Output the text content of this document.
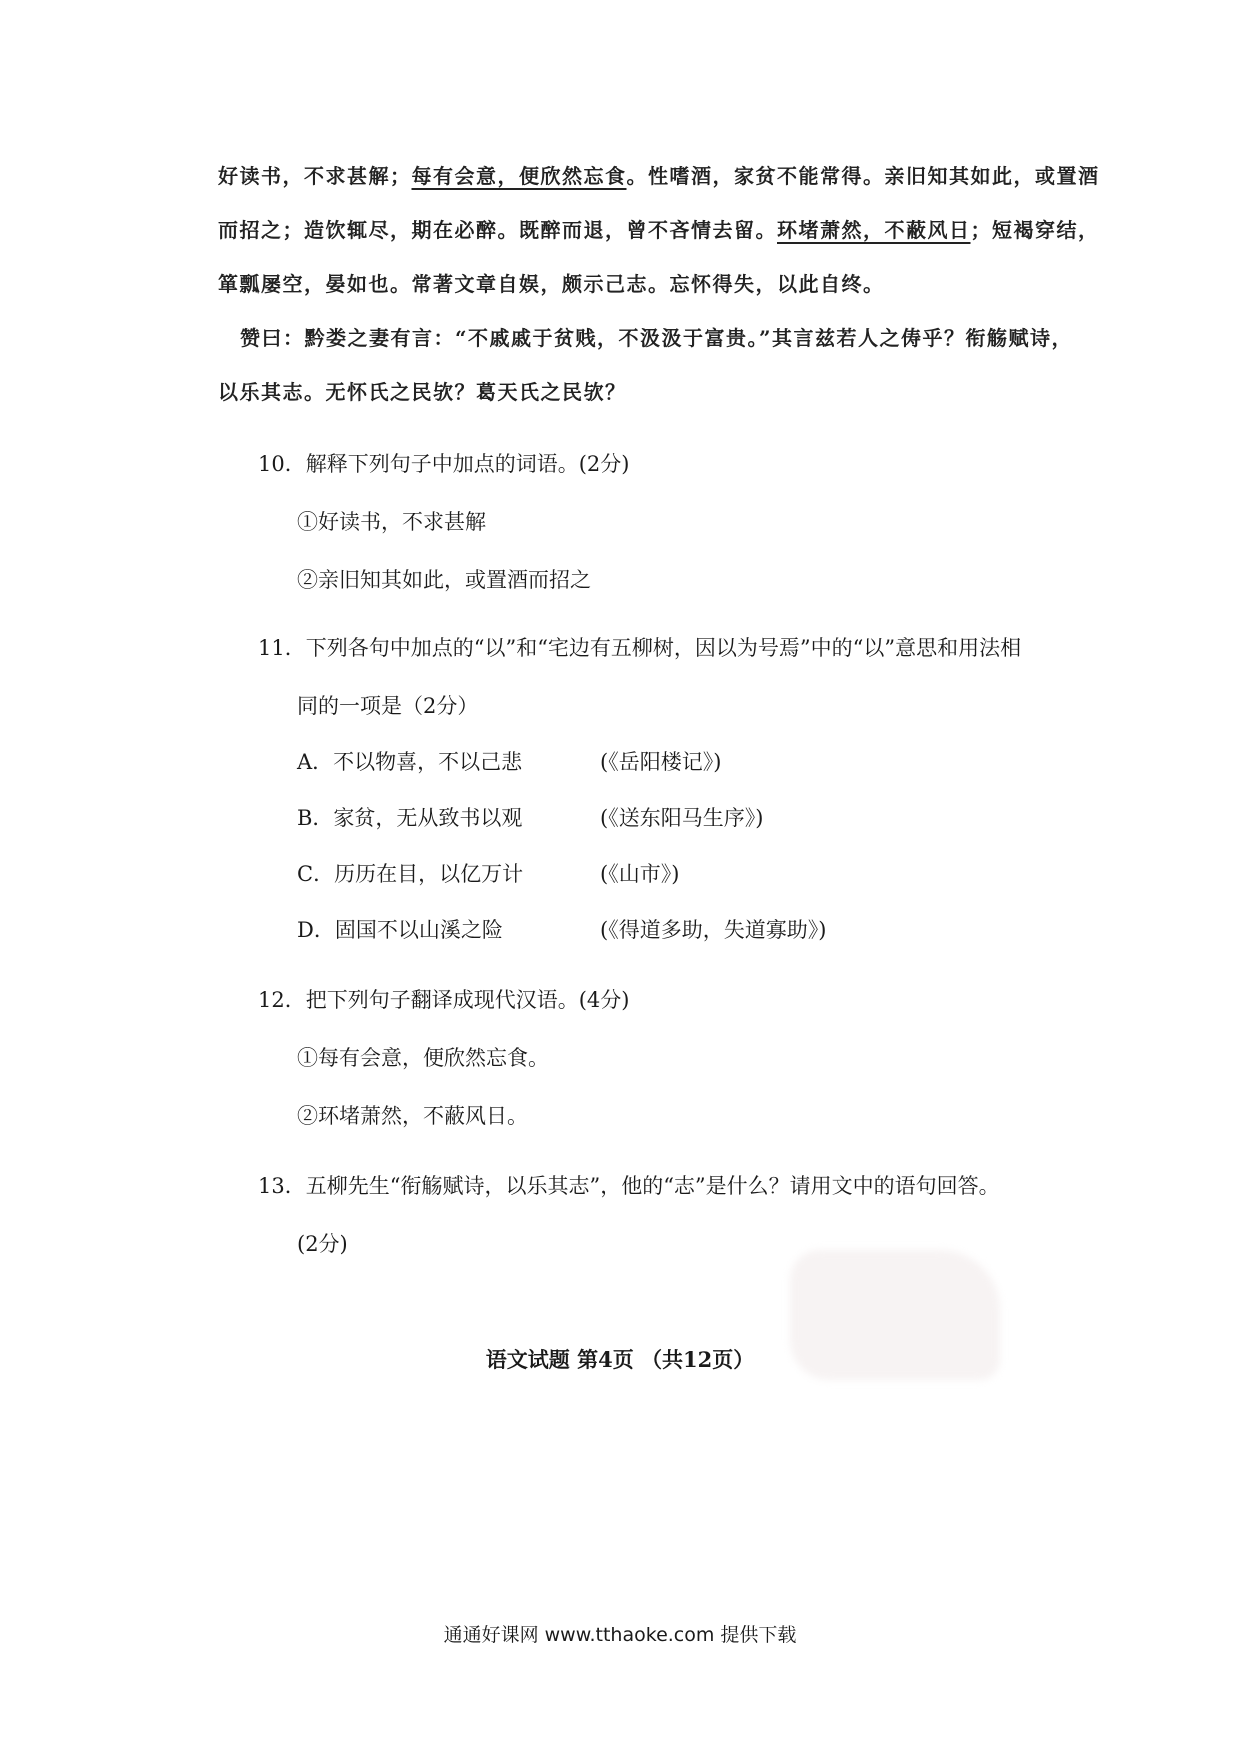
好读书，不求甚解；每有会意，便欣然忘食。性嗜酒，家贫不能常得。亲旧知其如此，或置酒
而招之；造饮辄尽，期在必醉。既醉而退，曾不吝情去留。环堵萧然，不蔽风日；短褐穿结，
箪瓢屡空，晏如也。常著文章自娱，颇示己志。忘怀得失，以此自终。
赞曰：黔娄之妻有言：“不戚戚于贫贱，不汲汲于富贵。”其言兹若人之俦乎？衔觞赋诗，
以乐其志。无怀氏之民欤？葛天氏之民欤？
10．解释下列句子中加点的词语。(2分)
①好读书，不求甚解
②亲旧知其如此，或置酒而招之
11．下列各句中加点的“以”和“宅边有五柳树，因以为号焉”中的“以”意思和用法相
同的一项是（2分）
A．不以物喜，不以己悲	(《岳阳楼记》)
B．家贫，无从致书以观	(《送东阳马生序》)
C．历历在目，以亿万计	(《山市》)
D．固国不以山溪之险	(《得道多助，失道寡助》)
12．把下列句子翻译成现代汉语。(4分)
①每有会意，便欣然忘食。
②环堵萧然，不蔽风日。
13．五柳先生“衔觞赋诗，以乐其志”，他的“志”是什么？请用文中的语句回答。
(2分)
语文试题 第4页 （共12页）
通通好课网 www.tthaoke.com 提供下载
